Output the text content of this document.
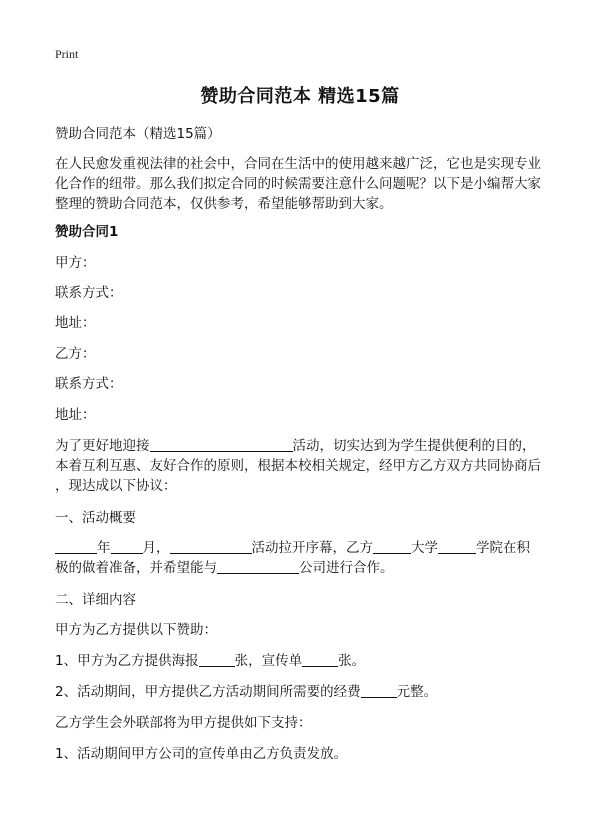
Print
赞助合同范本 精选15篇
赞助合同范本（精选15篇）
在人民愈发重视法律的社会中，合同在生活中的使用越来越广泛，它也是实现专业
化合作的纽带。那么我们拟定合同的时候需要注意什么问题呢？以下是小编帮大家
整理的赞助合同范本，仅供参考，希望能够帮助到大家。
赞助合同1
甲方：
联系方式：
地址：
乙方：
联系方式：
地址：
为了更好地迎接	活动，切实达到为学生提供便利的目的，
本着互利互惠、友好合作的原则，根据本校相关规定，经甲方乙方双方共同协商后
，现达成以下协议：
一、活动概要
年 月，	活动拉开序幕，乙方	大学	学院在积
极的做着准备，并希望能与	公司进行合作。
二、详细内容
甲方为乙方提供以下赞助：
1、甲方为乙方提供海报	张，宣传单	张。
2、活动期间，甲方提供乙方活动期间所需要的经费	元整。
乙方学生会外联部将为甲方提供如下支持：
1、活动期间甲方公司的宣传单由乙方负责发放。
